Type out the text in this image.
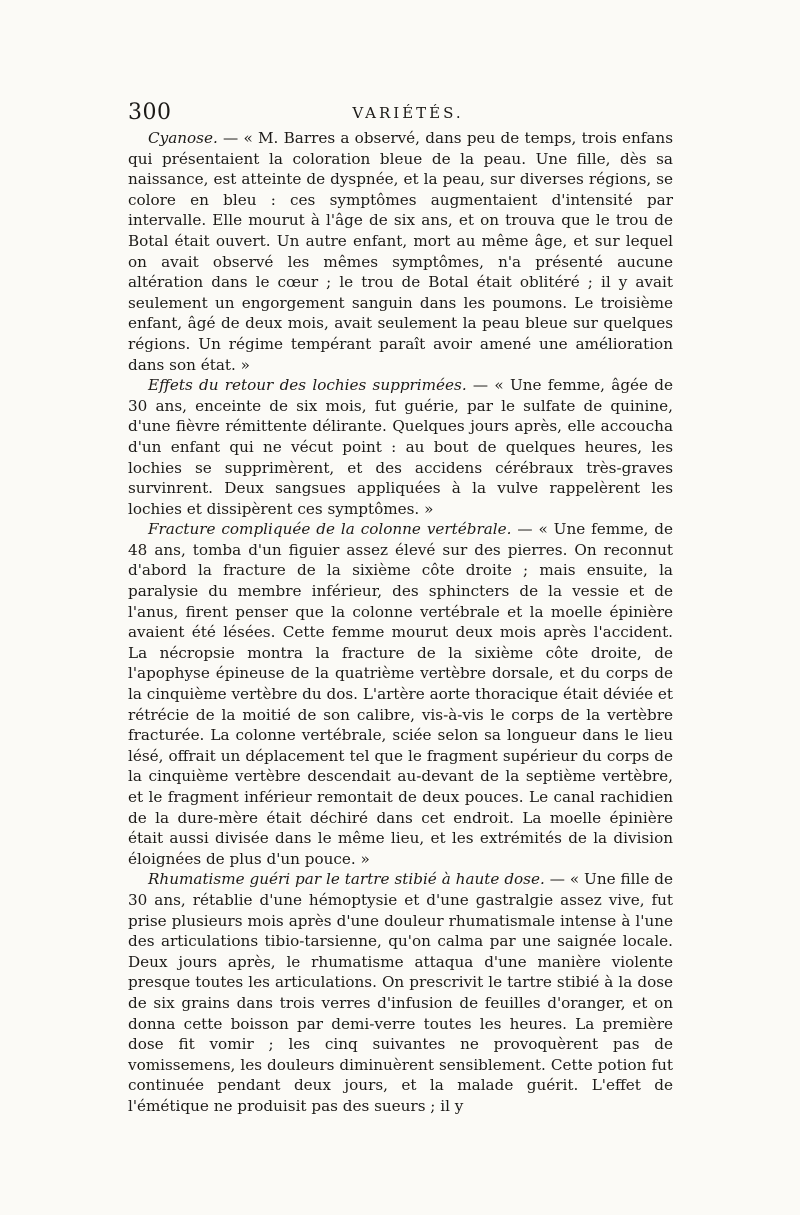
300	VARIÉTÉS.

Cyanose. — « M. Barres a observé, dans peu de temps, trois enfans qui présentaient la coloration bleue de la peau. Une fille, dès sa naissance, est atteinte de dyspnée, et la peau, sur diverses régions, se colore en bleu : ces symptômes augmentaient d'intensité par intervalle. Elle mourut à l'âge de six ans, et on trouva que le trou de Botal était ouvert. Un autre enfant, mort au même âge, et sur lequel on avait observé les mêmes symptômes, n'a présenté aucune altération dans le cœur ; le trou de Botal était oblitéré ; il y avait seulement un engorgement sanguin dans les poumons. Le troisième enfant, âgé de deux mois, avait seulement la peau bleue sur quelques régions. Un régime tempérant paraît avoir amené une amélioration dans son état. »

Effets du retour des lochies supprimées. — « Une femme, âgée de 30 ans, enceinte de six mois, fut guérie, par le sulfate de quinine, d'une fièvre rémittente délirante. Quelques jours après, elle accoucha d'un enfant qui ne vécut point : au bout de quelques heures, les lochies se supprimèrent, et des accidens cérébraux très-graves survinrent. Deux sangsues appliquées à la vulve rappelèrent les lochies et dissipèrent ces symptômes. »

Fracture compliquée de la colonne vertébrale. — « Une femme, de 48 ans, tomba d'un figuier assez élevé sur des pierres. On reconnut d'abord la fracture de la sixième côte droite ; mais ensuite, la paralysie du membre inférieur, des sphincters de la vessie et de l'anus, firent penser que la colonne vertébrale et la moelle épinière avaient été lésées. Cette femme mourut deux mois après l'accident. La nécropsie montra la fracture de la sixième côte droite, de l'apophyse épineuse de la quatrième vertèbre dorsale, et du corps de la cinquième vertèbre du dos. L'artère aorte thoracique était déviée et rétrécie de la moitié de son calibre, vis-à-vis le corps de la vertèbre fracturée. La colonne vertébrale, sciée selon sa longueur dans le lieu lésé, offrait un déplacement tel que le fragment supérieur du corps de la cinquième vertèbre descendait au-devant de la septième vertèbre, et le fragment inférieur remontait de deux pouces. Le canal rachidien de la dure-mère était déchiré dans cet endroit. La moelle épinière était aussi divisée dans le même lieu, et les extrémités de la division éloignées de plus d'un pouce. »

Rhumatisme guéri par le tartre stibié à haute dose. — « Une fille de 30 ans, rétablie d'une hémoptysie et d'une gastralgie assez vive, fut prise plusieurs mois après d'une douleur rhumatismale intense à l'une des articulations tibio-tarsienne, qu'on calma par une saignée locale. Deux jours après, le rhumatisme attaqua d'une manière violente presque toutes les articulations. On prescrivit le tartre stibié à la dose de six grains dans trois verres d'infusion de feuilles d'oranger, et on donna cette boisson par demi-verre toutes les heures. La première dose fit vomir ; les cinq suivantes ne provoquèrent pas de vomissemens, les douleurs diminuèrent sensiblement. Cette potion fut continuée pendant deux jours, et la malade guérit. L'effet de l'émétique ne produisit pas des sueurs ; il y
